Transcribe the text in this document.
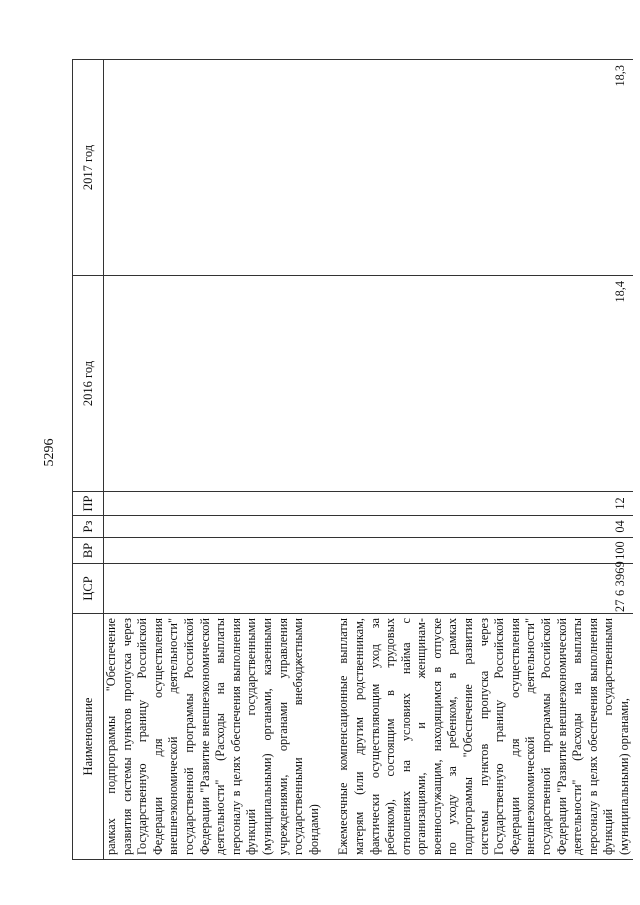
5296
Наименование	ЦСР	ВР	Рз	ПР	2016 год	2017 год
рамках подпрограммы "Обеспечение развития системы пунктов пропуска через Государственную границу Российской Федерации для осуществления внешнеэкономической деятельности" государственной программы Российской Федерации "Развитие внешнеэкономической деятельности" (Расходы на выплаты персоналу в целях обеспечения выполнения функций государственными (муниципальными) органами, казенными учреждениями, органами управления государственными внебюджетными фондами)						
Ежемесячные компенсационные выплаты матерям (или другим родственникам, фактически осуществляющим уход за ребенком), состоящим в трудовых отношениях на условиях найма с организациями, и женщинам-военнослужащим, находящимся в отпуске по уходу за ребенком, в рамках подпрограммы "Обеспечение развития системы пунктов пропуска через Государственную границу Российской Федерации для осуществления внешнеэкономической деятельности" государственной программы Российской Федерации "Развитие внешнеэкономической деятельности" (Расходы на выплаты персоналу в целях обеспечения выполнения функций государственными (муниципальными) органами,	27 6 3969	100	04	12	18,4	18,3
